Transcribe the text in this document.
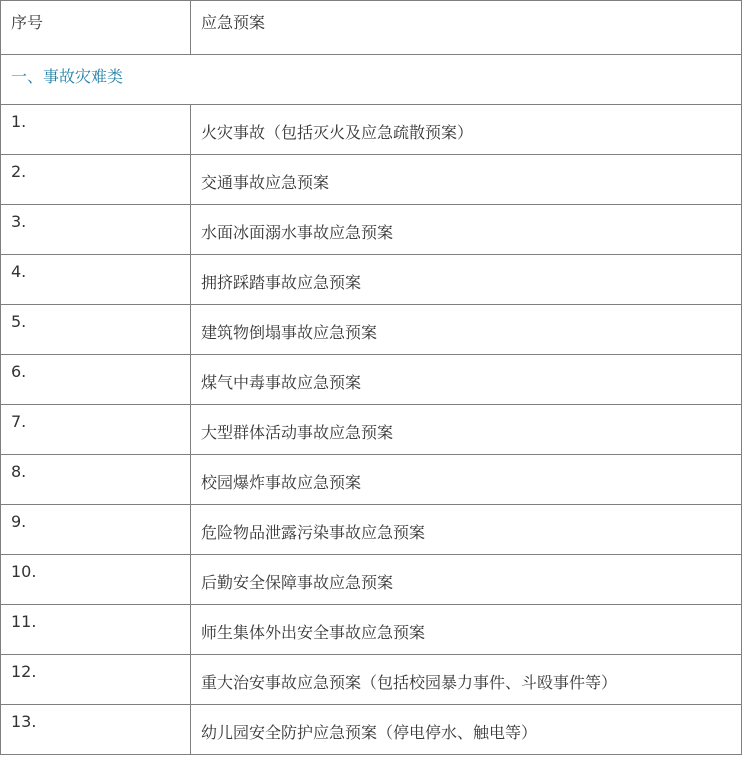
序号	应急预案
一、事故灾难类	
1.	火灾事故（包括灭火及应急疏散预案）
2.	交通事故应急预案
3.	水面冰面溺水事故应急预案
4.	拥挤踩踏事故应急预案
5.	建筑物倒塌事故应急预案
6.	煤气中毒事故应急预案
7.	大型群体活动事故应急预案
8.	校园爆炸事故应急预案
9.	危险物品泄露污染事故应急预案
10.	后勤安全保障事故应急预案
11.	师生集体外出安全事故应急预案
12.	重大治安事故应急预案（包括校园暴力事件、斗殴事件等）
13.	幼儿园安全防护应急预案（停电停水、触电等）
